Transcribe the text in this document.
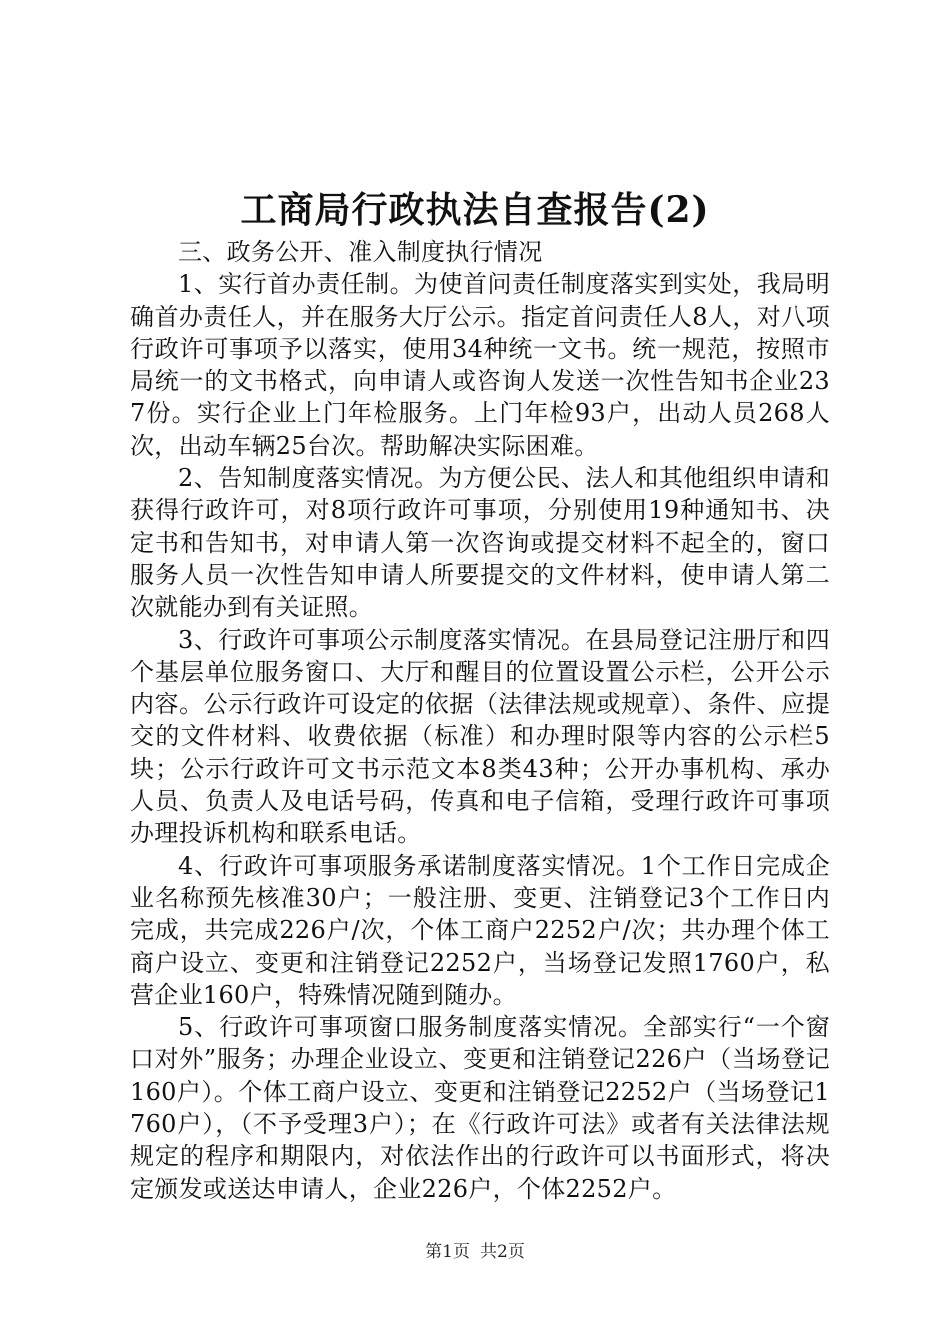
工商局行政执法自查报告(2)

三、政务公开、准入制度执行情况

1、实行首办责任制。为使首问责任制度落实到实处，我局明确首办责任人，并在服务大厅公示。指定首问责任人8人，对八项行政许可事项予以落实，使用34种统一文书。统一规范，按照市局统一的文书格式，向申请人或咨询人发送一次性告知书企业237份。实行企业上门年检服务。上门年检93户，出动人员268人次，出动车辆25台次。帮助解决实际困难。

2、告知制度落实情况。为方便公民、法人和其他组织申请和获得行政许可，对8项行政许可事项，分别使用19种通知书、决定书和告知书，对申请人第一次咨询或提交材料不起全的，窗口服务人员一次性告知申请人所要提交的文件材料，使申请人第二次就能办到有关证照。

3、行政许可事项公示制度落实情况。在县局登记注册厅和四个基层单位服务窗口、大厅和醒目的位置设置公示栏，公开公示内容。公示行政许可设定的依据（法律法规或规章）、条件、应提交的文件材料、收费依据（标准）和办理时限等内容的公示栏5块；公示行政许可文书示范文本8类43种；公开办事机构、承办人员、负责人及电话号码，传真和电子信箱，受理行政许可事项办理投诉机构和联系电话。

4、行政许可事项服务承诺制度落实情况。1个工作日完成企业名称预先核准30户；一般注册、变更、注销登记3个工作日内完成，共完成226户/次，个体工商户2252户/次；共办理个体工商户设立、变更和注销登记2252户，当场登记发照1760户，私营企业160户，特殊情况随到随办。

5、行政许可事项窗口服务制度落实情况。全部实行“一个窗口对外”服务；办理企业设立、变更和注销登记226户（当场登记160户）。个体工商户设立、变更和注销登记2252户（当场登记1760户），（不予受理3户）；在《行政许可法》或者有关法律法规规定的程序和期限内，对依法作出的行政许可以书面形式，将决定颁发或送达申请人，企业226户，个体2252户。

第1页 共2页
